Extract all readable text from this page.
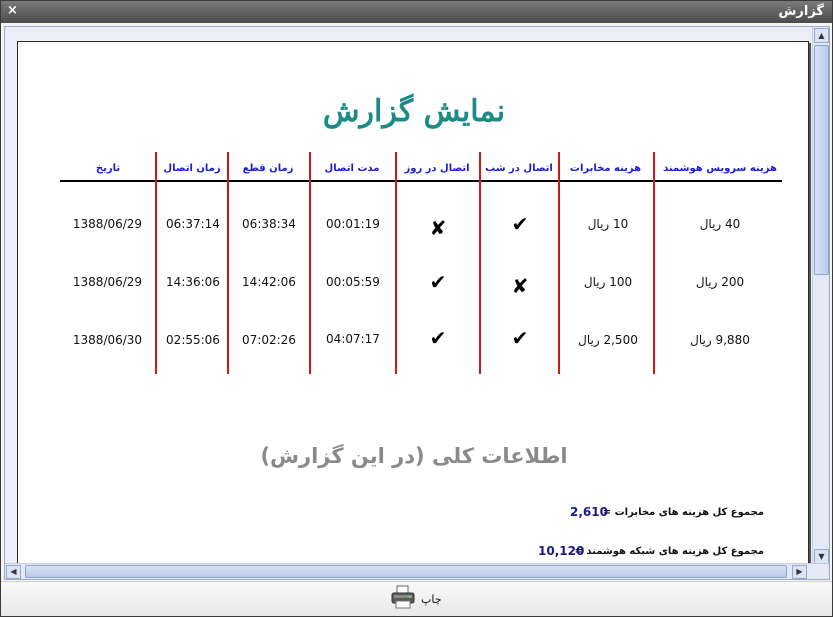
گزارش
×
نمایش گزارش
هزینه سرویس هوشمند
هزینه مخابرات
اتصال در شب
اتصال در روز
مدت اتصال
زمان قطع
زمان اتصال
تاریخ
40 ریال
10 ریال
✔
✘
00:01:19
06:38:34
06:37:14
1388/06/29
200 ریال
100 ریال
✘
✔
00:05:59
14:42:06
14:36:06
1388/06/29
9,880 ریال
2,500 ریال
✔
✔
04:07:17
07:02:26
02:55:06
1388/06/30
اطلاعات کلی (در این گزارش)
مجموع کل هزینه های مخابرات =
2,610
مجموع کل هزینه های شبکه هوشمند =
10,120
▲
▼
◀	▶
چاپ
